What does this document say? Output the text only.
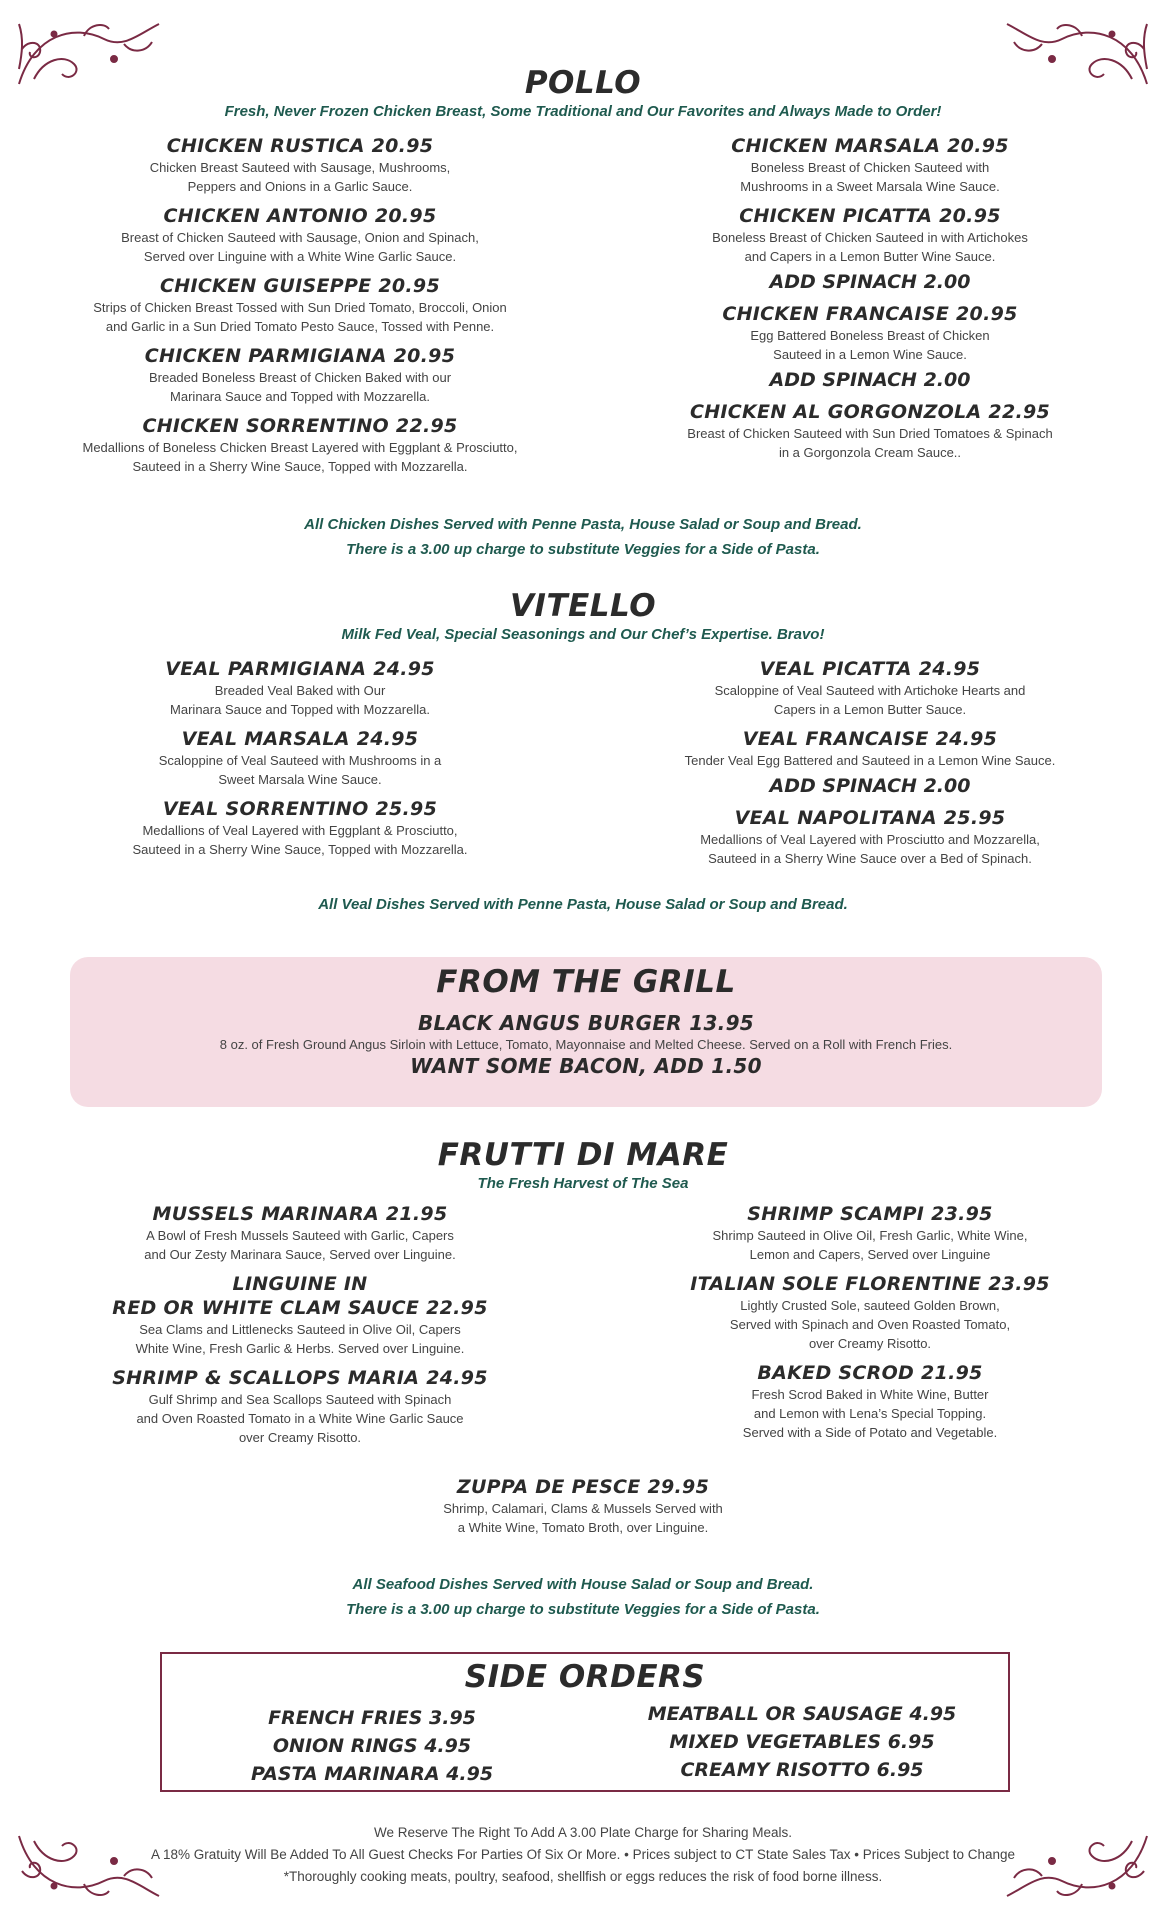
POLLO
Fresh, Never Frozen Chicken Breast, Some Traditional and Our Favorites and Always Made to Order!
CHICKEN RUSTICA 20.95
Chicken Breast Sauteed with Sausage, Mushrooms,
Peppers and Onions in a Garlic Sauce.
CHICKEN ANTONIO 20.95
Breast of Chicken Sauteed with Sausage, Onion and Spinach,
Served over Linguine with a White Wine Garlic Sauce.
CHICKEN GUISEPPE 20.95
Strips of Chicken Breast Tossed with Sun Dried Tomato, Broccoli, Onion
and Garlic in a Sun Dried Tomato Pesto Sauce, Tossed with Penne.
CHICKEN PARMIGIANA 20.95
Breaded Boneless Breast of Chicken Baked with our
Marinara Sauce and Topped with Mozzarella.
CHICKEN SORRENTINO 22.95
Medallions of Boneless Chicken Breast Layered with Eggplant & Prosciutto,
Sauteed in a Sherry Wine Sauce, Topped with Mozzarella.
CHICKEN MARSALA 20.95
Boneless Breast of Chicken Sauteed with
Mushrooms in a Sweet Marsala Wine Sauce.
CHICKEN PICATTA 20.95
Boneless Breast of Chicken Sauteed in with Artichokes
and Capers in a Lemon Butter Wine Sauce.
ADD SPINACH 2.00
CHICKEN FRANCAISE 20.95
Egg Battered Boneless Breast of Chicken
Sauteed in a Lemon Wine Sauce.
ADD SPINACH 2.00
CHICKEN AL GORGONZOLA 22.95
Breast of Chicken Sauteed with Sun Dried Tomatoes & Spinach
in a Gorgonzola Cream Sauce..
All Chicken Dishes Served with Penne Pasta, House Salad or Soup and Bread.
There is a 3.00 up charge to substitute Veggies for a Side of Pasta.
VITELLO
Milk Fed Veal, Special Seasonings and Our Chef’s Expertise. Bravo!
VEAL PARMIGIANA 24.95
Breaded Veal Baked with Our
Marinara Sauce and Topped with Mozzarella.
VEAL MARSALA 24.95
Scaloppine of Veal Sauteed with Mushrooms in a
Sweet Marsala Wine Sauce.
VEAL SORRENTINO 25.95
Medallions of Veal Layered with Eggplant & Prosciutto,
Sauteed in a Sherry Wine Sauce, Topped with Mozzarella.
VEAL PICATTA 24.95
Scaloppine of Veal Sauteed with Artichoke Hearts and
Capers in a Lemon Butter Sauce.
VEAL FRANCAISE 24.95
Tender Veal Egg Battered and Sauteed in a Lemon Wine Sauce.
ADD SPINACH 2.00
VEAL NAPOLITANA 25.95
Medallions of Veal Layered with Prosciutto and Mozzarella,
Sauteed in a Sherry Wine Sauce over a Bed of Spinach.
All Veal Dishes Served with Penne Pasta, House Salad or Soup and Bread.
FROM THE GRILL
BLACK ANGUS BURGER 13.95
8 oz. of Fresh Ground Angus Sirloin with Lettuce, Tomato, Mayonnaise and Melted Cheese. Served on a Roll with French Fries.
WANT SOME BACON, ADD 1.50
FRUTTI DI MARE
The Fresh Harvest of The Sea
MUSSELS MARINARA 21.95
A Bowl of Fresh Mussels Sauteed with Garlic, Capers
and Our Zesty Marinara Sauce, Served over Linguine.
LINGUINE IN
RED OR WHITE CLAM SAUCE 22.95
Sea Clams and Littlenecks Sauteed in Olive Oil, Capers
White Wine, Fresh Garlic & Herbs. Served over Linguine.
SHRIMP & SCALLOPS MARIA 24.95
Gulf Shrimp and Sea Scallops Sauteed with Spinach
and Oven Roasted Tomato in a White Wine Garlic Sauce
over Creamy Risotto.
SHRIMP SCAMPI 23.95
Shrimp Sauteed in Olive Oil, Fresh Garlic, White Wine,
Lemon and Capers, Served over Linguine
ITALIAN SOLE FLORENTINE 23.95
Lightly Crusted Sole, sauteed Golden Brown,
Served with Spinach and Oven Roasted Tomato,
over Creamy Risotto.
BAKED SCROD 21.95
Fresh Scrod Baked in White Wine, Butter
and Lemon with Lena’s Special Topping.
Served with a Side of Potato and Vegetable.
ZUPPA DE PESCE 29.95
Shrimp, Calamari, Clams & Mussels Served with
a White Wine, Tomato Broth, over Linguine.
All Seafood Dishes Served with House Salad or Soup and Bread.
There is a 3.00 up charge to substitute Veggies for a Side of Pasta.
SIDE ORDERS
FRENCH FRIES 3.95
ONION RINGS 4.95
PASTA MARINARA 4.95
MEATBALL OR SAUSAGE 4.95
MIXED VEGETABLES 6.95
CREAMY RISOTTO 6.95
We Reserve The Right To Add A 3.00 Plate Charge for Sharing Meals.
A 18% Gratuity Will Be Added To All Guest Checks For Parties Of Six Or More. • Prices subject to CT State Sales Tax • Prices Subject to Change
*Thoroughly cooking meats, poultry, seafood, shellfish or eggs reduces the risk of food borne illness.
